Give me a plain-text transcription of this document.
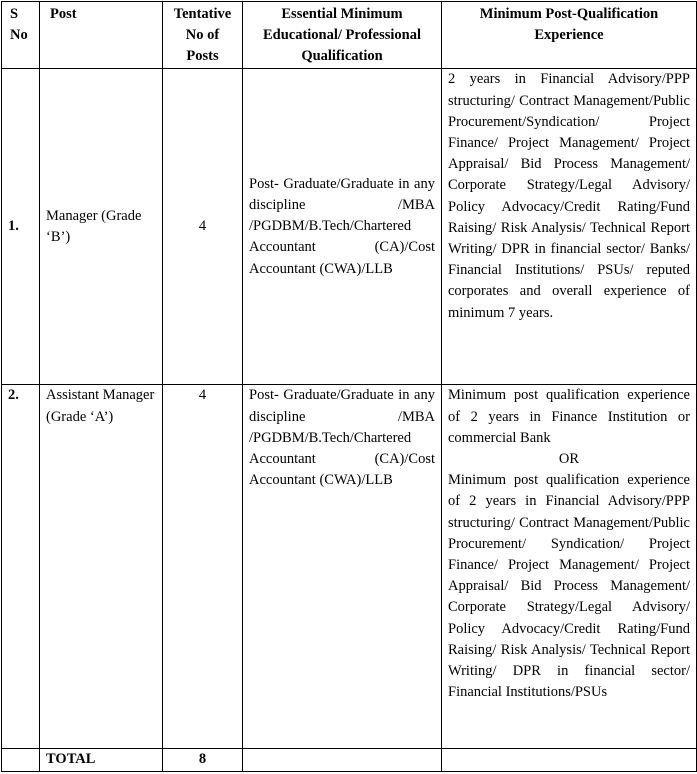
S No	Post	Tentative No of Posts	Essential Minimum Educational/ Professional Qualification	Minimum Post-Qualification Experience
1.	Manager (Grade ‘B’)	4	Post- Graduate/Graduate in any discipline /MBA /PGDBM/B.Tech/Chartered Accountant (CA)/Cost Accountant (CWA)/LLB	2 years in Financial Advisory/PPP structuring/ Contract Management/Public Procurement/Syndication/ Project Finance/ Project Management/ Project Appraisal/ Bid Process Management/ Corporate Strategy/Legal Advisory/ Policy Advocacy/Credit Rating/Fund Raising/ Risk Analysis/ Technical Report Writing/ DPR in financial sector/ Banks/ Financial Institutions/ PSUs/ reputed corporates and overall experience of minimum 7 years.
2.	Assistant Manager (Grade ‘A’)	4	Post- Graduate/Graduate in any discipline /MBA /PGDBM/B.Tech/Chartered Accountant (CA)/Cost Accountant (CWA)/LLB	Minimum post qualification experience of 2 years in Finance Institution or commercial Bank
OR
Minimum post qualification experience of 2 years in Financial Advisory/PPP structuring/ Contract Management/Public Procurement/ Syndication/ Project Finance/ Project Management/ Project Appraisal/ Bid Process Management/ Corporate Strategy/Legal Advisory/ Policy Advocacy/Credit Rating/Fund Raising/ Risk Analysis/ Technical Report Writing/ DPR in financial sector/ Financial Institutions/PSUs

	TOTAL	8		
